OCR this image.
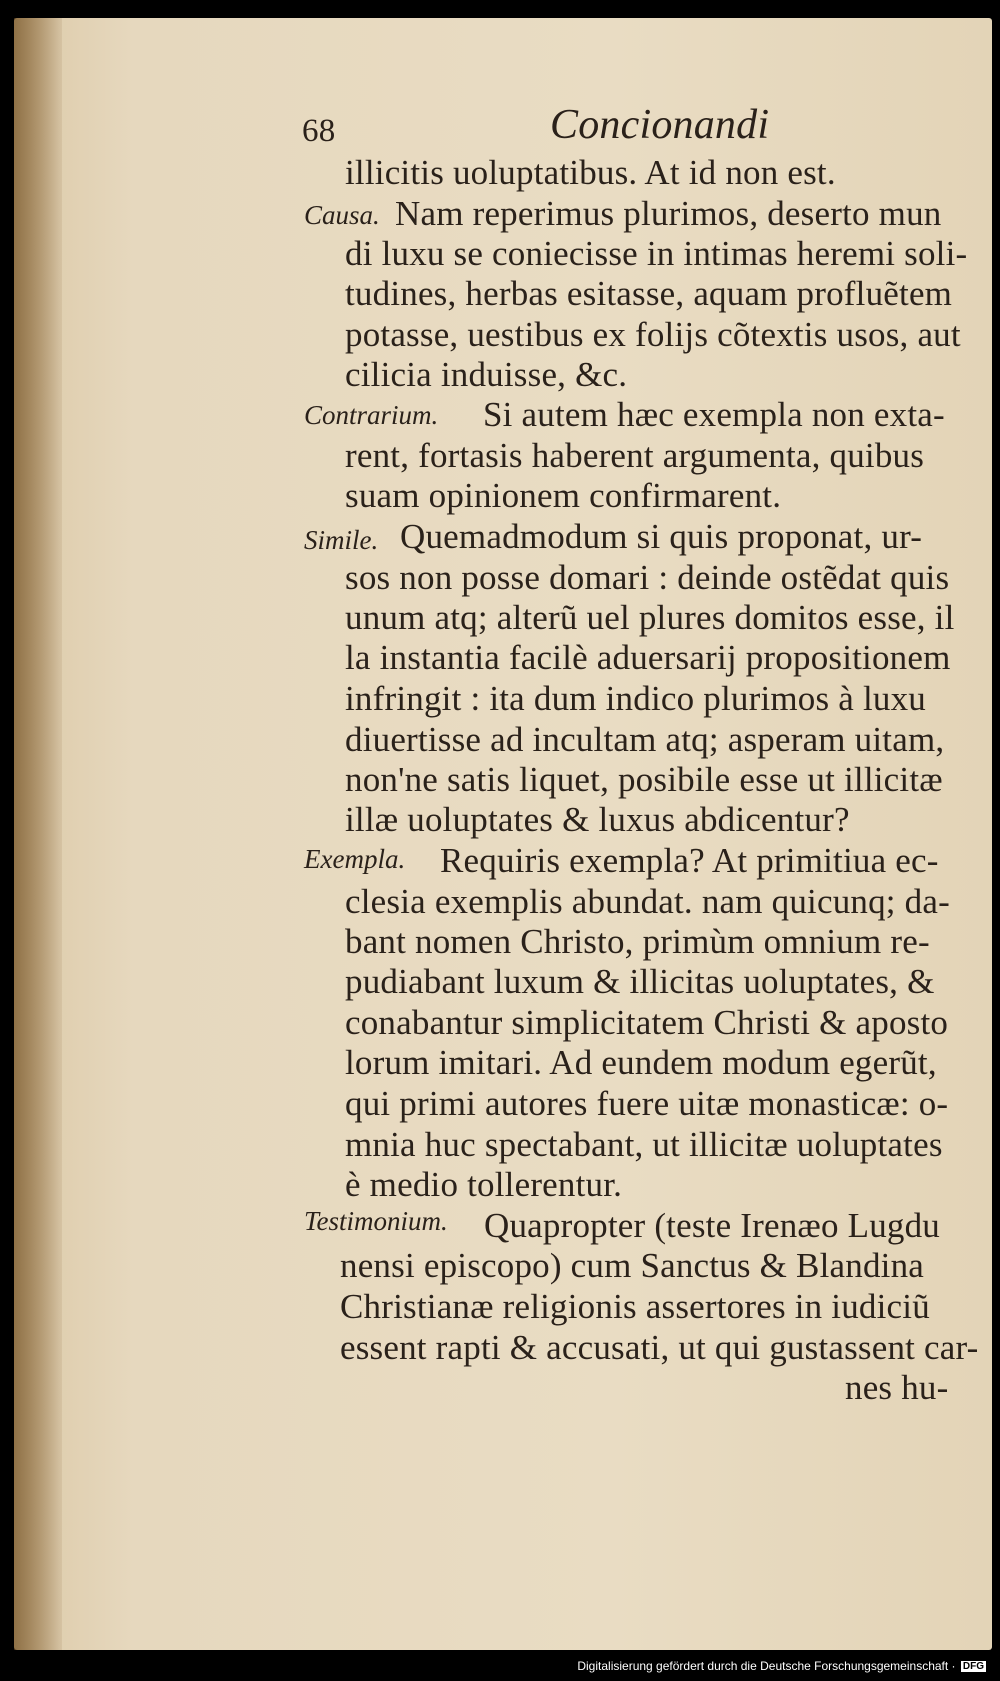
68	Concionandi
Causa.
Contrarium.
Simile.
Exempla.
Testimonium.
illicitis uoluptatibus. At id non est.
Nam reperimus plurimos, deserto mun
di luxu se coniecisse in intimas heremi soli-
tudines, herbas esitasse, aquam profluẽtem
potasse, uestibus ex folijs cõtextis usos, aut
cilicia induisse, &c.
Si autem hæc exempla non exta-
rent, fortasis haberent argumenta, quibus
suam opinionem confirmarent.
Quemadmodum si quis proponat, ur-
sos non posse domari : deinde ostẽdat quis
unum atq; alterũ uel plures domitos esse, il
la instantia facilè aduersarij propositionem
infringit : ita dum indico plurimos à luxu
diuertisse ad incultam atq; asperam uitam,
non'ne satis liquet, posibile esse ut illicitæ
illæ uoluptates & luxus abdicentur?
Requiris exempla? At primitiua ec-
clesia exemplis abundat. nam quicunq; da-
bant nomen Christo, primùm omnium re-
pudiabant luxum & illicitas uoluptates, &
conabantur simplicitatem Christi & aposto
lorum imitari. Ad eundem modum egerũt,
qui primi autores fuere uitæ monasticæ: o-
mnia huc spectabant, ut illicitæ uoluptates
è medio tollerentur.
Quapropter (teste Irenæo Lugdu
nensi episcopo) cum Sanctus & Blandina
Christianæ religionis assertores in iudiciũ
essent rapti & accusati, ut qui gustassent car-
nes hu-
Digitalisierung gefördert durch die Deutsche Forschungsgemeinschaft · DFG
